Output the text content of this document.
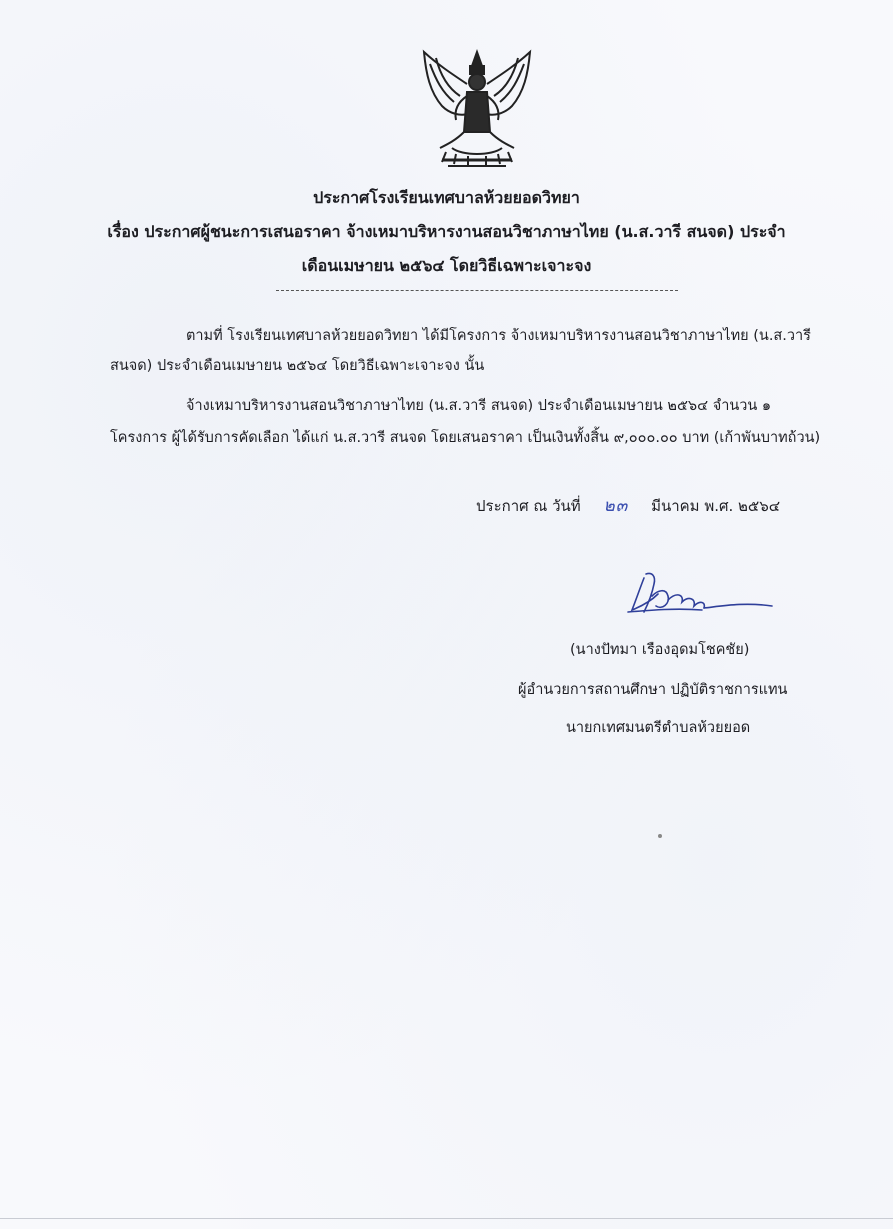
ประกาศโรงเรียนเทศบาลห้วยยอดวิทยา
เรื่อง ประกาศผู้ชนะการเสนอราคา จ้างเหมาบริหารงานสอนวิชาภาษาไทย (น.ส.วารี สนจด) ประจำ
เดือนเมษายน ๒๕๖๔ โดยวิธีเฉพาะเจาะจง
ตามที่ โรงเรียนเทศบาลห้วยยอดวิทยา ได้มีโครงการ จ้างเหมาบริหารงานสอนวิชาภาษาไทย (น.ส.วารี
สนจด) ประจำเดือนเมษายน ๒๕๖๔ โดยวิธีเฉพาะเจาะจง นั้น
จ้างเหมาบริหารงานสอนวิชาภาษาไทย (น.ส.วารี สนจด) ประจำเดือนเมษายน ๒๕๖๔ จำนวน ๑
โครงการ ผู้ได้รับการคัดเลือก ได้แก่ น.ส.วารี สนจด โดยเสนอราคา เป็นเงินทั้งสิ้น ๙,๐๐๐.๐๐ บาท (เก้าพันบาทถ้วน)
ประกาศ ณ วันที่ ๒๓ มีนาคม พ.ศ. ๒๕๖๔
(นางปัทมา เรืองอุดมโชคชัย)
ผู้อำนวยการสถานศึกษา ปฏิบัติราชการแทน
นายกเทศมนตรีตำบลห้วยยอด
